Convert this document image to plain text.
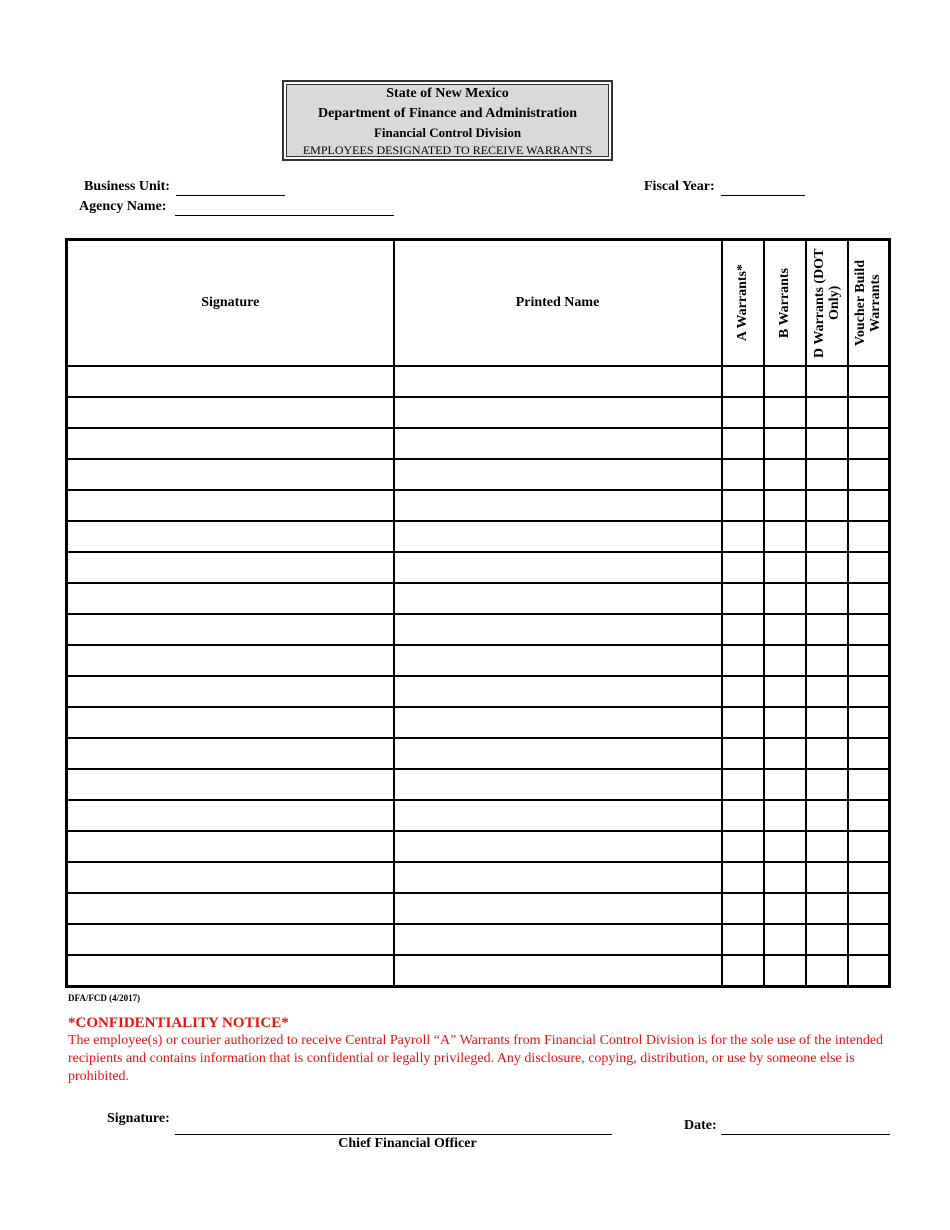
State of New Mexico
Department of Finance and Administration
Financial Control Division
EMPLOYEES DESIGNATED TO RECEIVE WARRANTS
Business Unit:
Agency Name:
Fiscal Year:
Signature	Printed Name	A Warrants*	B Warrants	D Warrants (DOT Only)	Voucher Build Warrants

DFA/FCD (4/2017)
*CONFIDENTIALITY NOTICE*
The employee(s) or courier authorized to receive Central Payroll “A” Warrants from Financial Control Division is for the sole use of the intended recipients and contains information that is confidential or legally privileged. Any disclosure, copying, distribution, or use by someone else is prohibited.
Signature:
Chief Financial Officer
Date:
